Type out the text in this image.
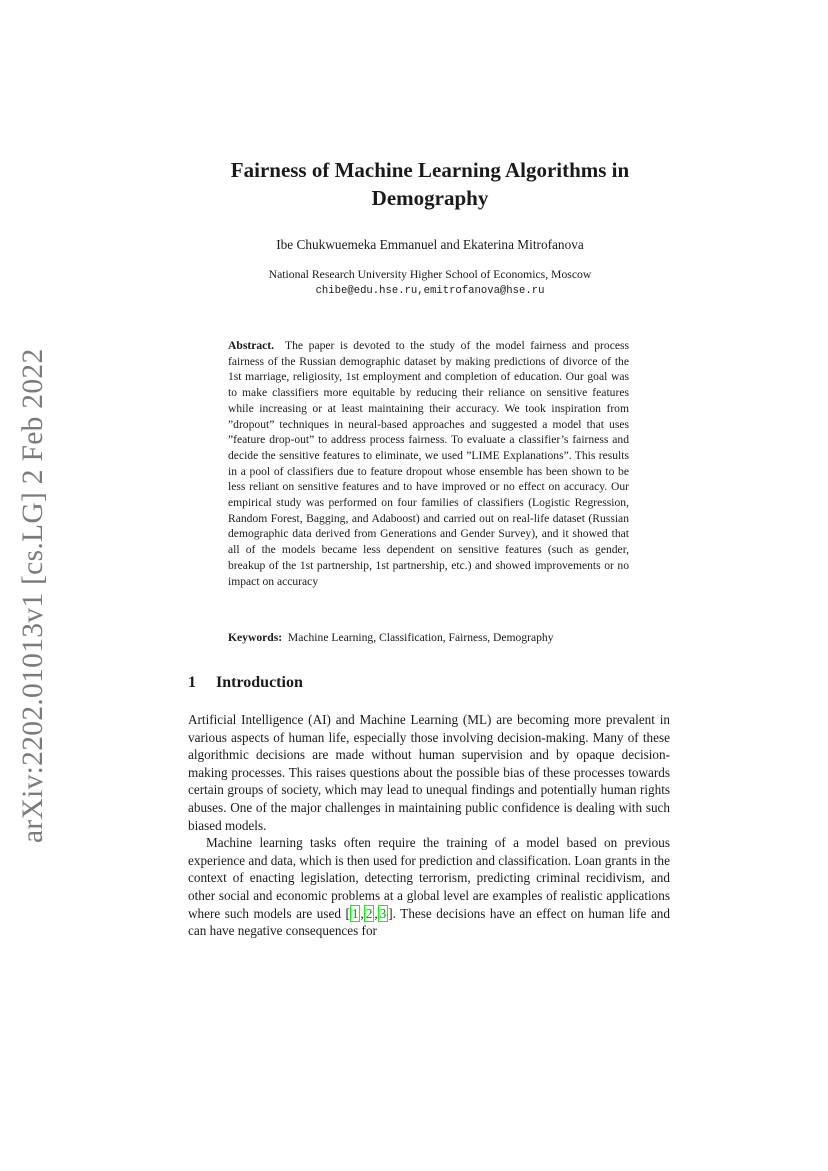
arXiv:2202.01013v1 [cs.LG] 2 Feb 2022
Fairness of Machine Learning Algorithms in Demography
Ibe Chukwuemeka Emmanuel and Ekaterina Mitrofanova
National Research University Higher School of Economics, Moscow
chibe@edu.hse.ru,emitrofanova@hse.ru
Abstract. The paper is devoted to the study of the model fairness and process fairness of the Russian demographic dataset by making predictions of divorce of the 1st marriage, religiosity, 1st employment and completion of education. Our goal was to make classifiers more equitable by reducing their reliance on sensitive features while increasing or at least maintaining their accuracy. We took inspiration from ”dropout” techniques in neural-based approaches and suggested a model that uses ”feature drop-out” to address process fairness. To evaluate a classifier’s fairness and decide the sensitive features to eliminate, we used ”LIME Explanations”. This results in a pool of classifiers due to feature dropout whose ensemble has been shown to be less reliant on sensitive features and to have improved or no effect on accuracy. Our empirical study was performed on four families of classifiers (Logistic Regression, Random Forest, Bagging, and Adaboost) and carried out on real-life dataset (Russian demographic data derived from Generations and Gender Survey), and it showed that all of the models became less dependent on sensitive features (such as gender, breakup of the 1st partnership, 1st partnership, etc.) and showed improvements or no impact on accuracy
Keywords: Machine Learning, Classification, Fairness, Demography
1 Introduction

Artificial Intelligence (AI) and Machine Learning (ML) are becoming more prevalent in various aspects of human life, especially those involving decision-making. Many of these algorithmic decisions are made without human supervision and by opaque decision-making processes. This raises questions about the possible bias of these processes towards certain groups of society, which may lead to unequal findings and potentially human rights abuses. One of the major challenges in maintaining public confidence is dealing with such biased models.

Machine learning tasks often require the training of a model based on previous experience and data, which is then used for prediction and classification. Loan grants in the context of enacting legislation, detecting terrorism, predicting criminal recidivism, and other social and economic problems at a global level are examples of realistic applications where such models are used [ 1 , 2 , 3 ]. These decisions have an effect on human life and can have negative consequences for
